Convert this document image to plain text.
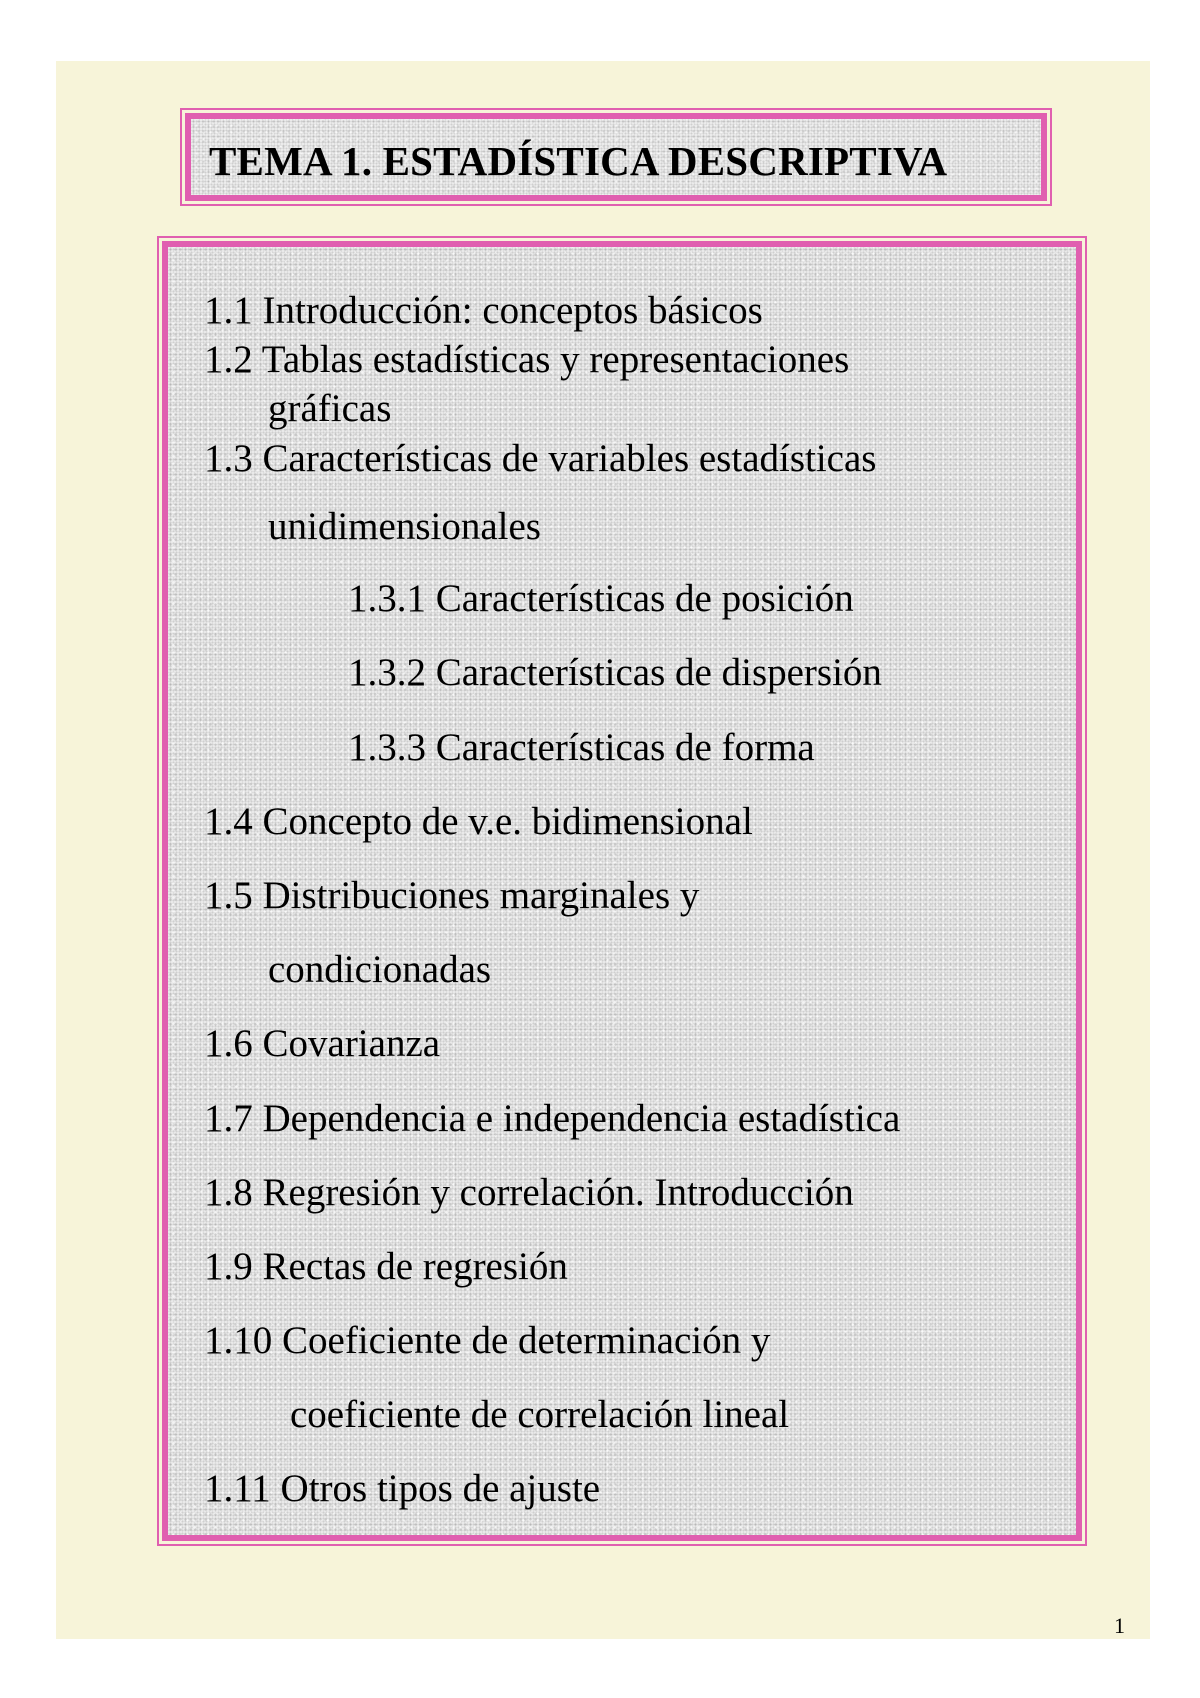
TEMA 1. ESTADÍSTICA DESCRIPTIVA
1.1 Introducción: conceptos básicos
1.2 Tablas estadísticas y representaciones
gráficas
1.3 Características de variables estadísticas
unidimensionales
1.3.1 Características de posición
1.3.2 Características de dispersión
1.3.3 Características de forma
1.4 Concepto de v.e. bidimensional
1.5 Distribuciones marginales y
condicionadas
1.6 Covarianza
1.7 Dependencia e independencia estadística
1.8 Regresión y correlación. Introducción
1.9 Rectas de regresión
1.10 Coeficiente de determinación y
coeficiente de correlación lineal
1.11 Otros tipos de ajuste
1
